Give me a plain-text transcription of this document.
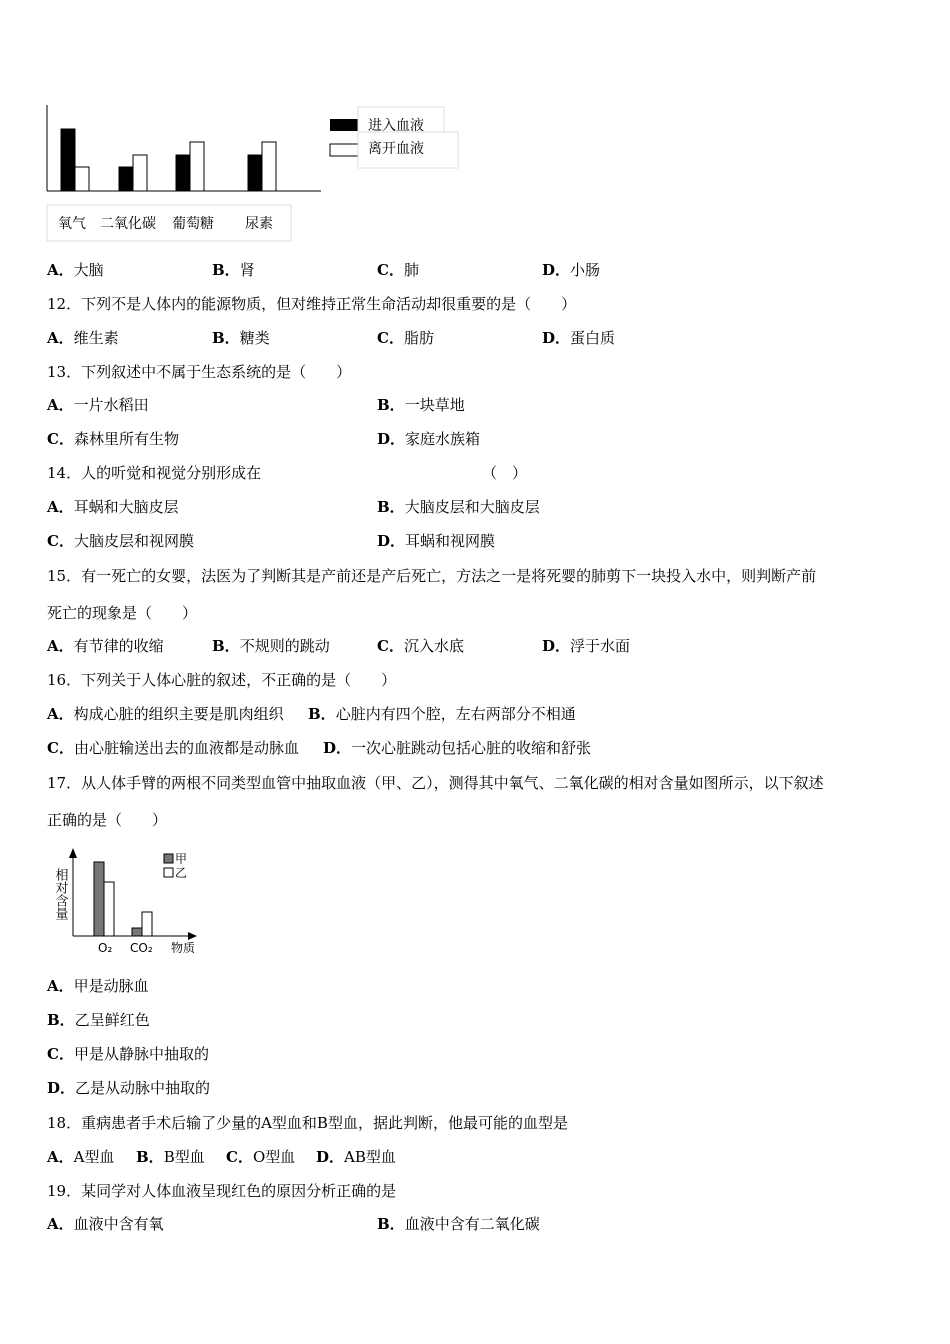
进入血液
离开血液
氧气 二氧化碳 葡萄糖 尿素
A．大脑	B．肾	C．肺	D．小肠
12．下列不是人体内的能源物质，但对维持正常生命活动却很重要的是（　　）
A．维生素	B．糖类	C．脂肪	D．蛋白质
13．下列叙述中不属于生态系统的是（　　）
A．一片水稻田	B．一块草地
C．森林里所有生物	D．家庭水族箱
14．人的听觉和视觉分别形成在	（　）
A．耳蜗和大脑皮层	B．大脑皮层和大脑皮层
C．大脑皮层和视网膜	D．耳蜗和视网膜
15．有一死亡的女婴，法医为了判断其是产前还是产后死亡，方法之一是将死婴的肺剪下一块投入水中，则判断产前
死亡的现象是（　　）
A．有节律的收缩	B．不规则的跳动	C．沉入水底	D．浮于水面
16．下列关于人体心脏的叙述，不正确的是（　　）
A．构成心脏的组织主要是肌肉组织 B．心脏内有四个腔，左右两部分不相通
C．由心脏输送出去的血液都是动脉血 D．一次心脏跳动包括心脏的收缩和舒张
17．从人体手臂的两根不同类型血管中抽取血液（甲、乙），测得其中氧气、二氧化碳的相对含量如图所示，以下叙述
正确的是（　　）
A．甲是动脉血
B．乙呈鲜红色
C．甲是从静脉中抽取的
D．乙是从动脉中抽取的
18．重病患者手术后输了少量的A型血和B型血，据此判断，他最可能的血型是
A．A型血 B．B型血 C．O型血 D．AB型血
19．某同学对人体血液呈现红色的原因分析正确的是
A．血液中含有氧	B．血液中含有二氧化碳
相对含量
O₂ CO₂ 物质
甲
乙
